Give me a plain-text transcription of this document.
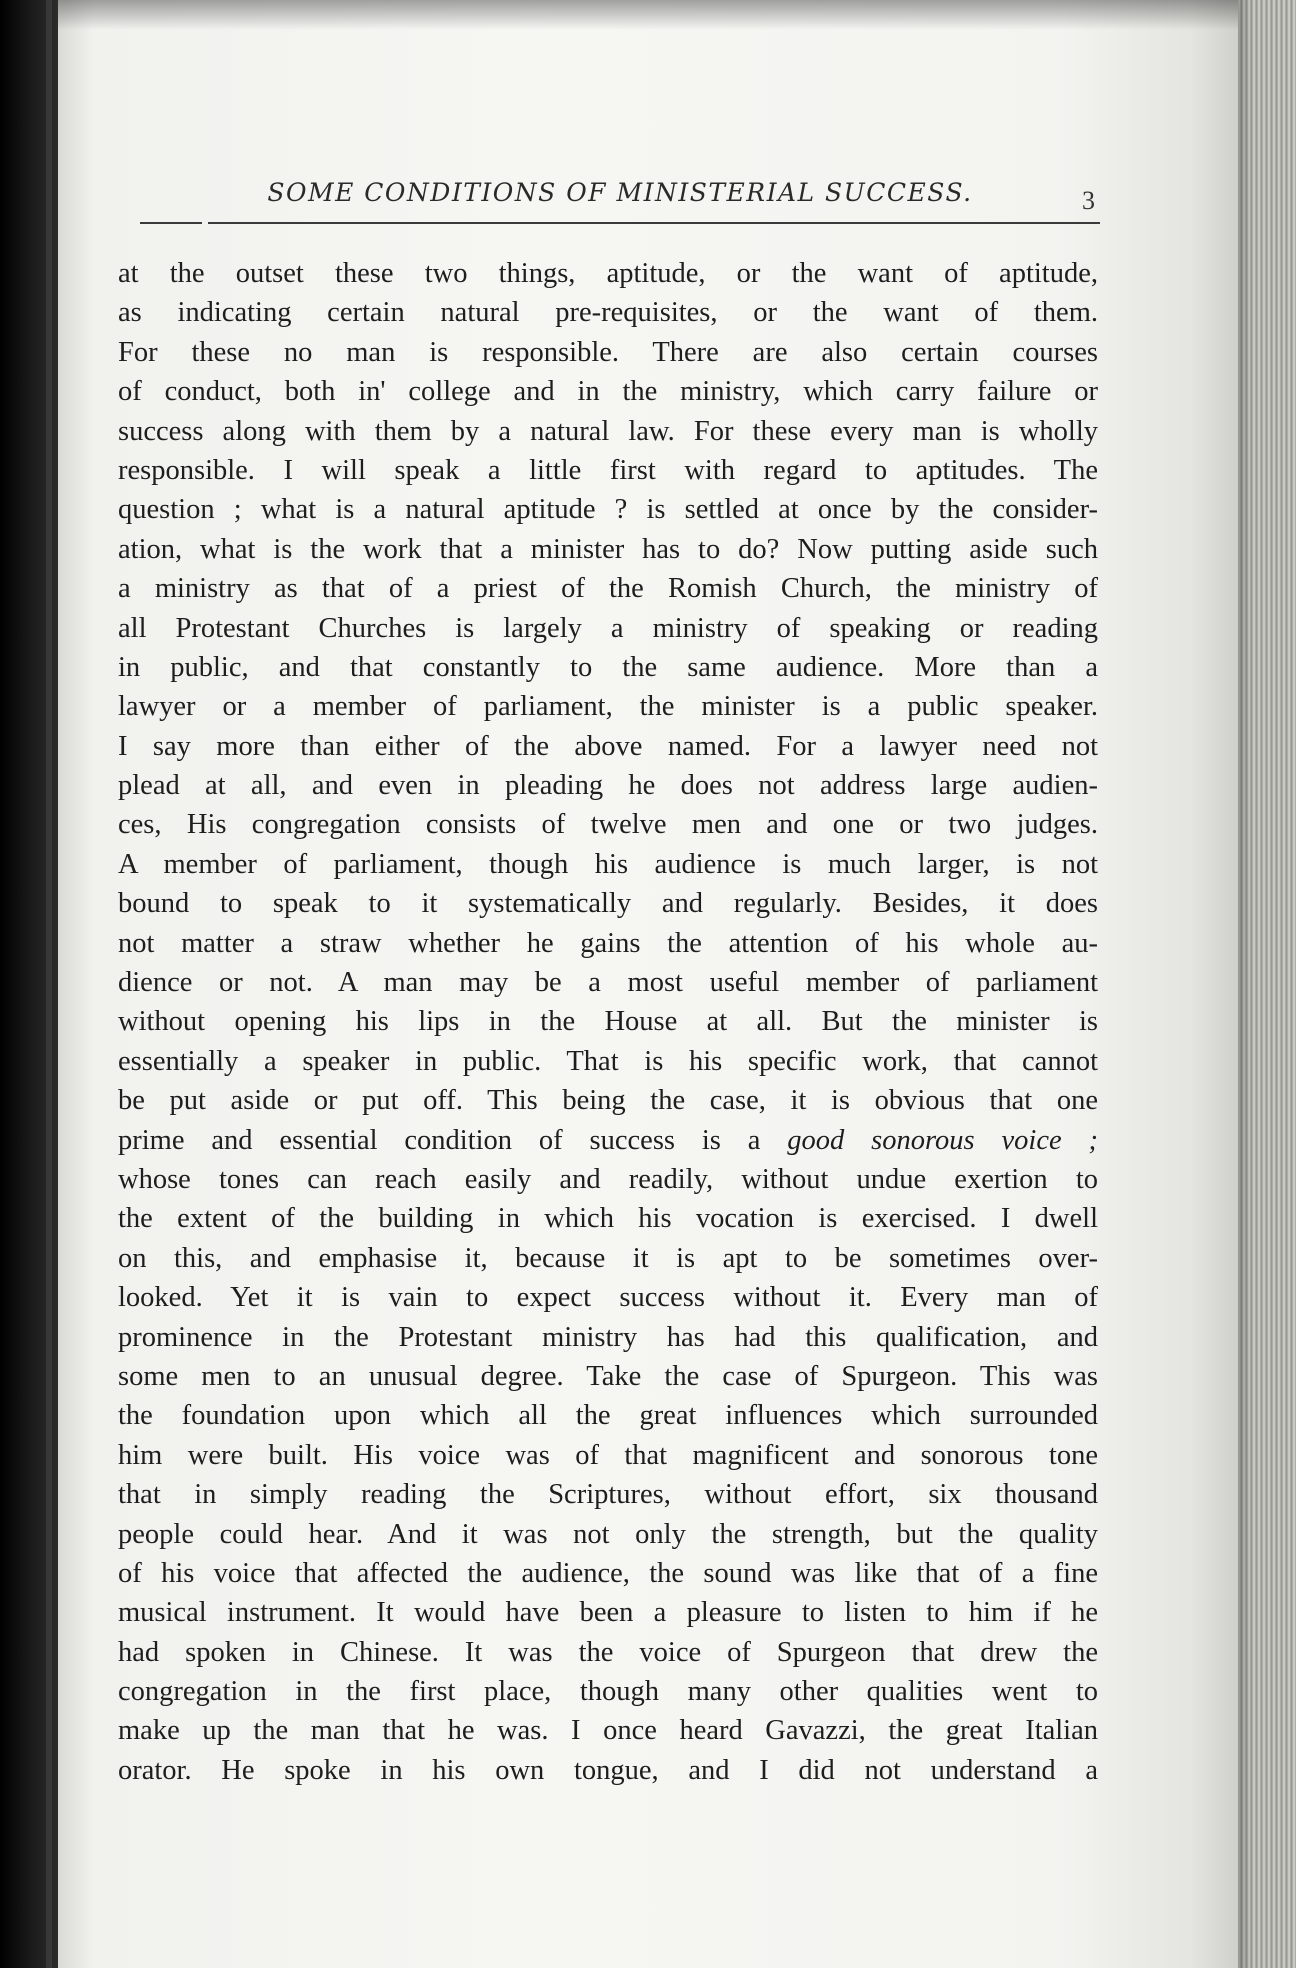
SOME CONDITIONS OF MINISTERIAL SUCCESS.	3
at the outset these two things, aptitude, or the want of aptitude,
as indicating certain natural pre-requisites, or the want of them.
For these no man is responsible. There are also certain courses
of conduct, both in' college and in the ministry, which carry failure or
success along with them by a natural law. For these every man is wholly
responsible. I will speak a little first with regard to aptitudes. The
question ; what is a natural aptitude ? is settled at once by the consider-
ation, what is the work that a minister has to do? Now putting aside such
a ministry as that of a priest of the Romish Church, the ministry of
all Protestant Churches is largely a ministry of speaking or reading
in public, and that constantly to the same audience. More than a
lawyer or a member of parliament, the minister is a public speaker.
I say more than either of the above named. For a lawyer need not
plead at all, and even in pleading he does not address large audien-
ces, His congregation consists of twelve men and one or two judges.
A member of parliament, though his audience is much larger, is not
bound to speak to it systematically and regularly. Besides, it does
not matter a straw whether he gains the attention of his whole au-
dience or not. A man may be a most useful member of parliament
without opening his lips in the House at all. But the minister is
essentially a speaker in public. That is his specific work, that cannot
be put aside or put off. This being the case, it is obvious that one
prime and essential condition of success is a good sonorous voice ;
whose tones can reach easily and readily, without undue exertion to
the extent of the building in which his vocation is exercised. I dwell
on this, and emphasise it, because it is apt to be sometimes over-
looked. Yet it is vain to expect success without it. Every man of
prominence in the Protestant ministry has had this qualification, and
some men to an unusual degree. Take the case of Spurgeon. This was
the foundation upon which all the great influences which surrounded
him were built. His voice was of that magnificent and sonorous tone
that in simply reading the Scriptures, without effort, six thousand
people could hear. And it was not only the strength, but the quality
of his voice that affected the audience, the sound was like that of a fine
musical instrument. It would have been a pleasure to listen to him if he
had spoken in Chinese. It was the voice of Spurgeon that drew the
congregation in the first place, though many other qualities went to
make up the man that he was. I once heard Gavazzi, the great Italian
orator. He spoke in his own tongue, and I did not understand a
